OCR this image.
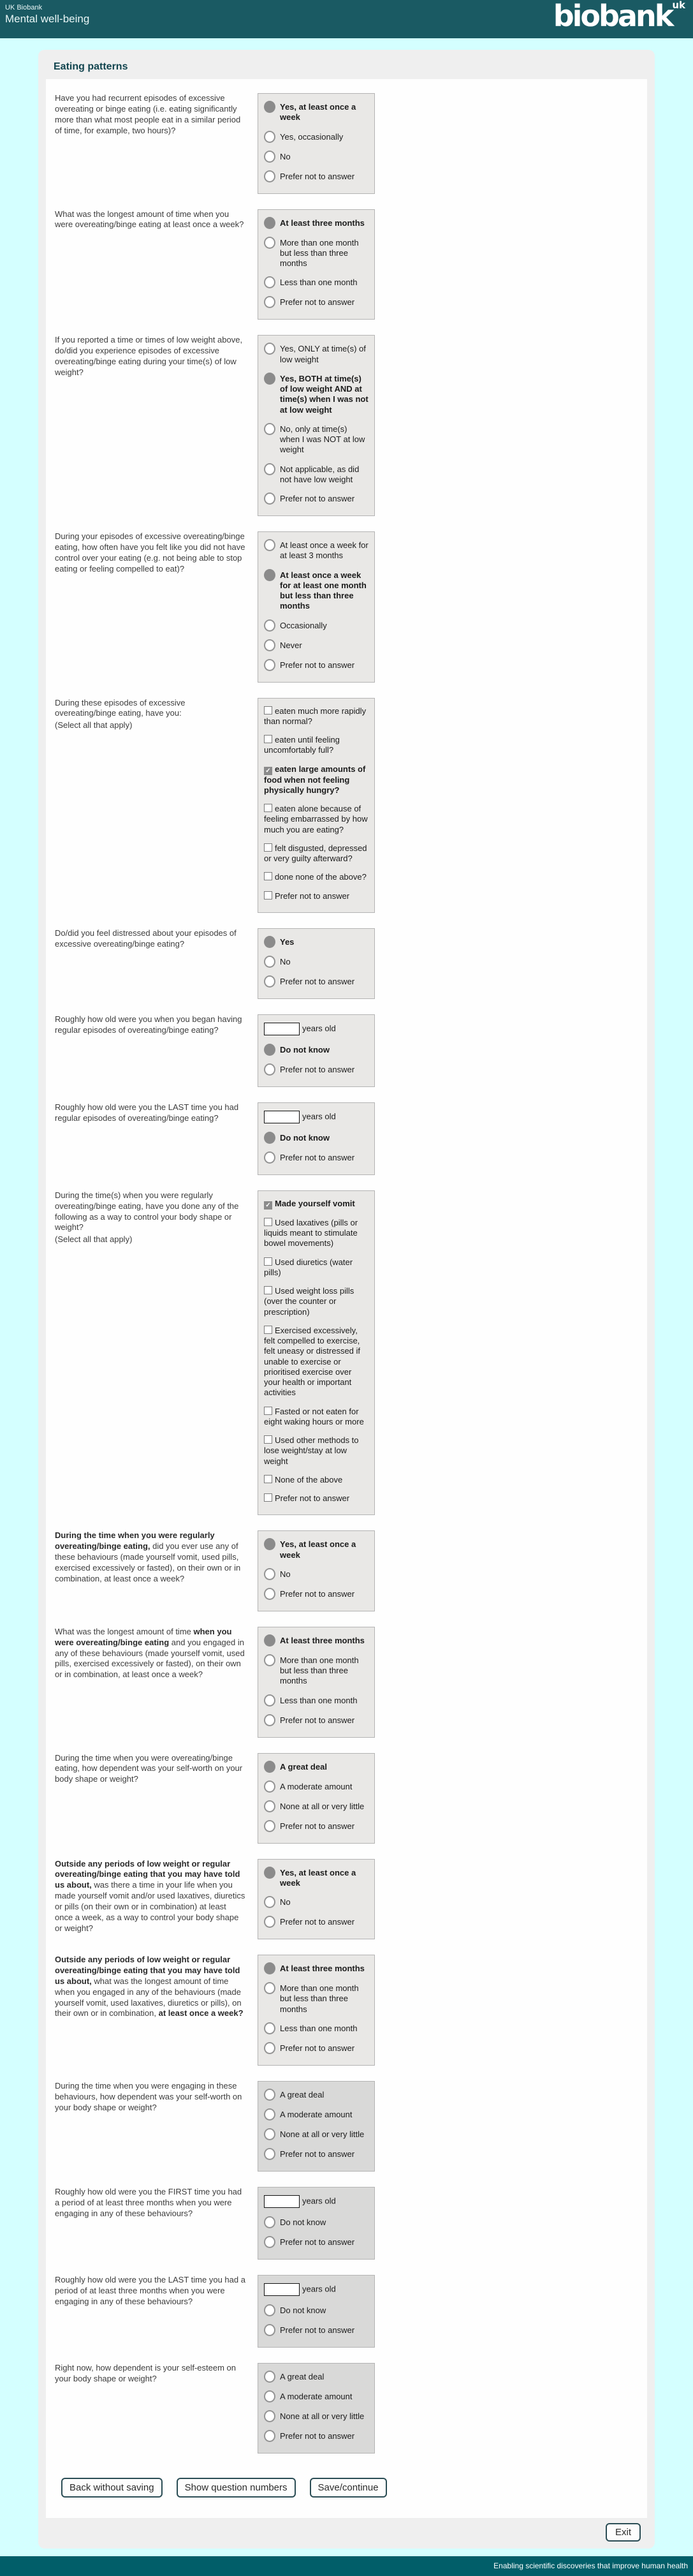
UK Biobank
Mental well-being	biobank$^{uk}$
Eating patterns
Have you had recurrent episodes of excessive overeating or binge eating (i.e. eating significantly more than what most people eat in a similar period of time, for example, two hours)?
Yes, at least once a week
Yes, occasionally
No
Prefer not to answer
What was the longest amount of time when you were overeating/binge eating at least once a week?	At least three months
More than one month but less than three months
Less than one month
Prefer not to answer
If you reported a time or times of low weight above, do/did you experience episodes of excessive overeating/binge eating during your time(s) of low weight?
Yes, ONLY at time(s) of low weight
Yes, BOTH at time(s) of low weight AND at time(s) when I was not at low weight
No, only at time(s) when I was NOT at low weight
Not applicable, as did not have low weight
Prefer not to answer
During your episodes of excessive overeating/binge eating, how often have you felt like you did not have control over your eating (e.g. not being able to stop eating or feeling compelled to eat)?
At least once a week for at least 3 months
At least once a week for at least one month but less than three months
Occasionally
Never
Prefer not to answer
During these episodes of excessive overeating/binge eating, have you:
(Select all that apply)
eaten much more rapidly than normal?
eaten until feeling uncomfortably full?
✓ eaten large amounts of food when not feeling physically hungry?
eaten alone because of feeling embarrassed by how much you are eating?
felt disgusted, depressed or very guilty afterward?
done none of the above?
Prefer not to answer
Do/did you feel distressed about your episodes of excessive overeating/binge eating?	Yes
No
Prefer not to answer
Roughly how old were you when you began having regular episodes of overeating/binge eating?	years old
Do not know
Prefer not to answer
Roughly how old were you the LAST time you had regular episodes of overeating/binge eating?	years old
Do not know
Prefer not to answer
During the time(s) when you were regularly overeating/binge eating, have you done any of the following as a way to control your body shape or weight?
(Select all that apply)
✓ Made yourself vomit
Used laxatives (pills or liquids meant to stimulate bowel movements)
Used diuretics (water pills)
Used weight loss pills (over the counter or prescription)
Exercised excessively, felt compelled to exercise, felt uneasy or distressed if unable to exercise or prioritised exercise over your health or important activities
Fasted or not eaten for eight waking hours or more
Used other methods to lose weight/stay at low weight
None of the above
Prefer not to answer
During the time when you were regularly overeating/binge eating, did you ever use any of these behaviours (made yourself vomit, used pills, exercised excessively or fasted), on their own or in combination, at least once a week?
Yes, at least once a week
No
Prefer not to answer
What was the longest amount of time when you were overeating/binge eating and you engaged in any of these behaviours (made yourself vomit, used pills, exercised excessively or fasted), on their own or in combination, at least once a week?
At least three months
More than one month but less than three months
Less than one month
Prefer not to answer
During the time when you were overeating/binge eating, how dependent was your self-worth on your body shape or weight?
A great deal
A moderate amount
None at all or very little
Prefer not to answer
Outside any periods of low weight or regular overeating/binge eating that you may have told us about, was there a time in your life when you made yourself vomit and/or used laxatives, diuretics or pills (on their own or in combination) at least once a week, as a way to control your body shape or weight?
Yes, at least once a week
No
Prefer not to answer
Outside any periods of low weight or regular overeating/binge eating that you may have told us about, what was the longest amount of time when you engaged in any of the behaviours (made yourself vomit, used laxatives, diuretics or pills), on their own or in combination, at least once a week?
At least three months
More than one month but less than three months
Less than one month
Prefer not to answer
During the time when you were engaging in these behaviours, how dependent was your self-worth on your body shape or weight?
A great deal
A moderate amount
None at all or very little
Prefer not to answer
Roughly how old were you the FIRST time you had a period of at least three months when you were engaging in any of these behaviours?
years old
Do not know
Prefer not to answer
Roughly how old were you the LAST time you had a period of at least three months when you were engaging in any of these behaviours?
years old
Do not know
Prefer not to answer
Right now, how dependent is your self-esteem on your body shape or weight?	A great deal
A moderate amount
None at all or very little
Prefer not to answer
Back without saving	Show question numbers	Save/continue
Exit
Enabling scientific discoveries that improve human health
